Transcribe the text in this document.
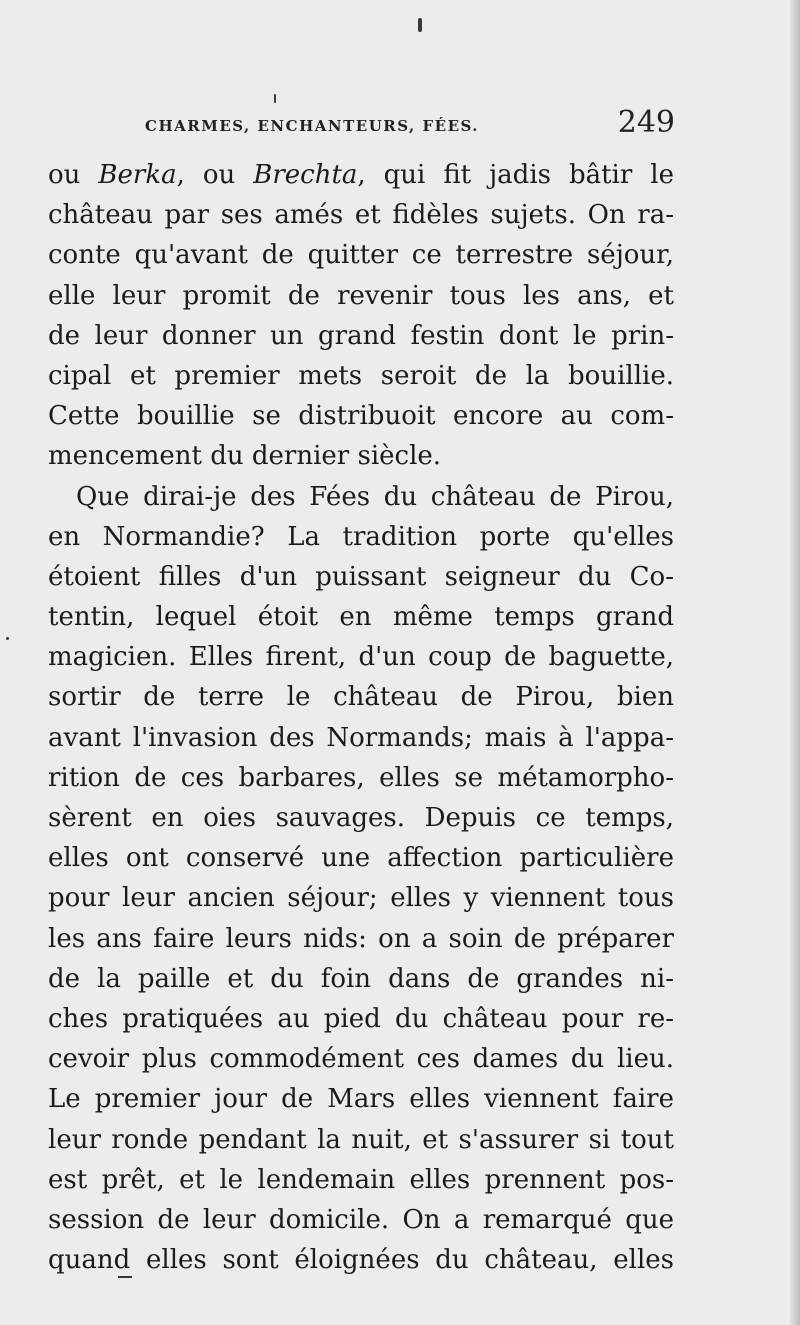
CHARMES, ENCHANTEURS, FÉES.	249
ou Berka, ou Brechta, qui fit jadis bâtir le
château par ses amés et fidèles sujets. On ra-
conte qu'avant de quitter ce terrestre séjour,
elle leur promit de revenir tous les ans, et
de leur donner un grand festin dont le prin-
cipal et premier mets seroit de la bouillie.
Cette bouillie se distribuoit encore au com-
mencement du dernier siècle.
Que dirai-je des Fées du château de Pirou,
en Normandie? La tradition porte qu'elles
étoient filles d'un puissant seigneur du Co-
tentin, lequel étoit en même temps grand
magicien. Elles firent, d'un coup de baguette,
sortir de terre le château de Pirou, bien
avant l'invasion des Normands; mais à l'appa-
rition de ces barbares, elles se métamorpho-
sèrent en oies sauvages. Depuis ce temps,
elles ont conservé une affection particulière
pour leur ancien séjour; elles y viennent tous
les ans faire leurs nids: on a soin de préparer
de la paille et du foin dans de grandes ni-
ches pratiquées au pied du château pour re-
cevoir plus commodément ces dames du lieu.
Le premier jour de Mars elles viennent faire
leur ronde pendant la nuit, et s'assurer si tout
est prêt, et le lendemain elles prennent pos-
session de leur domicile. On a remarqué que
quand elles sont éloignées du château, elles
